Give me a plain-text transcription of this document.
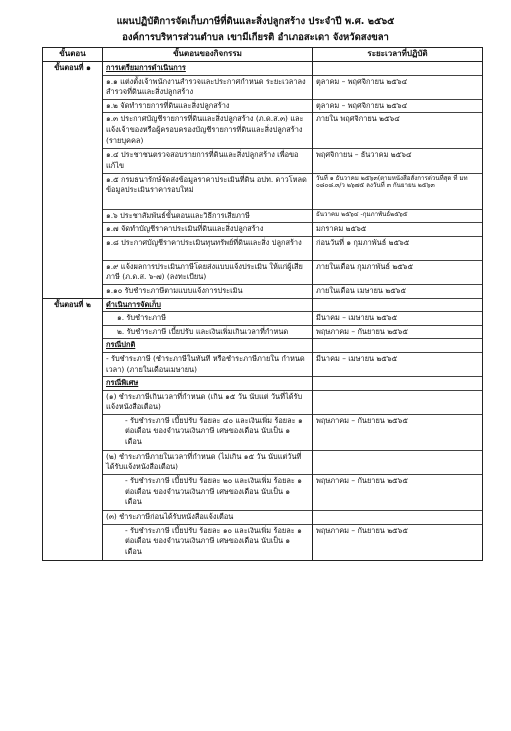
แผนปฏิบัติการจัดเก็บภาษีที่ดินและสิ่งปลูกสร้าง ประจำปี พ.ศ. ๒๕๖๕
องค์การบริหารส่วนตำบล เขามีเกียรติ อำเภอสะเดา จังหวัดสงขลา
ขั้นตอน	ขั้นตอนของกิจกรรม	ระยะเวลาที่ปฏิบัติ
ขั้นตอนที่ ๑	การเตรียมการดำเนินการ	
	๑.๑ แต่งตั้งเจ้าพนักงานสำรวจและประกาศกำหนด ระยะเวลาลงสำรวจที่ดินและสิ่งปลูกสร้าง	ตุลาคม – พฤศจิกายน ๒๕๖๔
	๑.๒ จัดทำรายการที่ดินและสิ่งปลูกสร้าง	ตุลาคม – พฤศจิกายน ๒๕๖๔
	๑.๓ ประกาศบัญชีรายการที่ดินและสิ่งปลูกสร้าง (ภ.ด.ส.๓) และแจ้งเจ้าของหรือผู้ครอบครองบัญชีรายการที่ดินและสิ่งปลูกสร้าง (รายบุคคล)	ภายใน พฤศจิกายน ๒๕๖๔
	๑.๔ ประชาชนตรวจสอบรายการที่ดินและสิ่งปลูกสร้าง เพื่อขอแก้ไข	พฤศจิกายน – ธันวาคม ๒๕๖๔
	๑.๕ กรมธนารักษ์จัดส่งข้อมูลราคาประเมินที่ดิน อปท. ดาวโหลดข้อมูลประเมินราคารอบใหม่	วันที่ ๑ ธันวาคม ๒๕๖๓(ตามหนังสือสั่งการด่วนที่สุด ที่ มท ๐๘๐๘.๓/ว ๒๖๗๕ ลงวันที่ ๓ กันยายน ๒๕๖๓
	๑.๖ ประชาสัมพันธ์ขั้นตอนและวิธีการเสียภาษี	ธันวาคม ๒๕๖๔ -กุมภาพันธ์๒๕๖๕
	๑.๗ จัดทำบัญชีราคาประเมินที่ดินและสิ่งปลูกสร้าง	มกราคม ๒๕๖๕
	๑.๘ ประกาศบัญชีราคาประเมินทุนทรัพย์ที่ดินและสิ่ง ปลูกสร้าง	ก่อนวันที่ ๑ กุมภาพันธ์ ๒๕๖๕
	๑.๙ แจ้งผลการประเมินภาษีโดยส่งแบบแจ้งประเมิน ให้แก่ผู้เสียภาษี (ภ.ด.ส. ๖-๗) (ลงทะเบียน)	ภายในเดือน กุมภาพันธ์ ๒๕๖๕
	๑.๑๐ รับชำระภาษีตามแบบแจ้งการประเมิน	ภายในเดือน เมษายน ๒๕๖๕
ขั้นตอนที่ ๒	ดำเนินการจัดเก็บ	
	๑. รับชำระภาษี	มีนาคม – เมษายน ๒๕๖๕
	๒. รับชำระภาษี เบี้ยปรับ และเงินเพิ่มเกินเวลาที่กำหนด	พฤษภาคม – กันยายน ๒๕๖๕
	กรณีปกติ	
	- รับชำระภาษี (ชำระภาษีในทันที หรือชำระภาษีภายใน กำหนดเวลา) (ภายในเดือนเมษายน)	มีนาคม – เมษายน ๒๕๖๕
	กรณีพิเศษ	
	(๑) ชำระภาษีเกินเวลาที่กำหนด (เกิน ๑๕ วัน นับแต่ วันที่ได้รับแจ้งหนังสือเตือน)	
	- รับชำระภาษี เบี้ยปรับ ร้อยละ ๔๐ และเงินเพิ่ม ร้อยละ ๑ ต่อเดือน ของจำนวนเงินภาษี เศษของเดือน นับเป็น ๑ เดือน	พฤษภาคม – กันยายน ๒๕๖๕
	(๒) ชำระภาษีภายในเวลาที่กำหนด (ไม่เกิน ๑๕ วัน นับแต่วันที่ได้รับแจ้งหนังสือเตือน)	
	- รับชำระภาษี เบี้ยปรับ ร้อยละ ๒๐ และเงินเพิ่ม ร้อยละ ๑ ต่อเดือน ของจำนวนเงินภาษี เศษของเดือน นับเป็น ๑ เดือน	พฤษภาคม – กันยายน ๒๕๖๕
	(๓) ชำระภาษีก่อนได้รับหนังสือแจ้งเตือน	
	- รับชำระภาษี เบี้ยปรับ ร้อยละ ๑๐ และเงินเพิ่ม ร้อยละ ๑ ต่อเดือน ของจำนวนเงินภาษี เศษของเดือน นับเป็น ๑ เดือน	พฤษภาคม – กันยายน ๒๕๖๕
